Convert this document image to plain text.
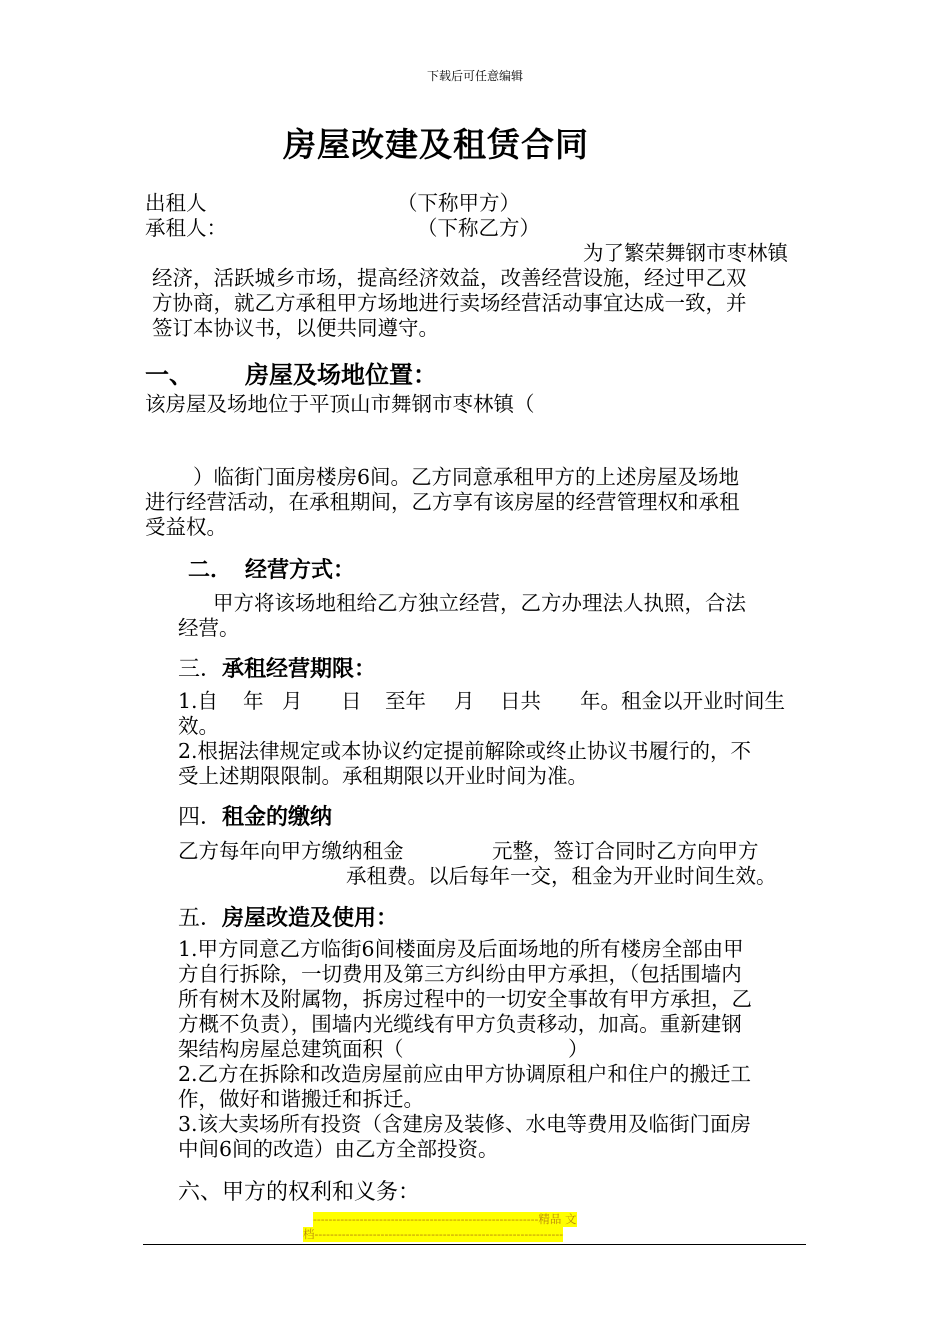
下载后可任意编辑
房屋改建及租赁合同
出租人	（下称甲方）
承租人：	（下称乙方）
为了繁荣舞钢市枣林镇
经济，活跃城乡市场，提高经济效益，改善经营设施，经过甲乙双
方协商，就乙方承租甲方场地进行卖场经营活动事宜达成一致，并
签订本协议书，以便共同遵守。
一、 房屋及场地位置：
该房屋及场地位于平顶山市舞钢市枣林镇（
）临街门面房楼房6间。乙方同意承租甲方的上述房屋及场地
进行经营活动，在承租期间，乙方享有该房屋的经营管理权和承租
受益权。
二． 经营方式：
甲方将该场地租给乙方独立经营，乙方办理法人执照，合法
经营。
三． 承租经营期限：
1.自 年 月 日 至年 月 日共 年。租金以开业时间生
效。
2.根据法律规定或本协议约定提前解除或终止协议书履行的，不
受上述期限限制。承租期限以开业时间为准。
四． 租金的缴纳
乙方每年向甲方缴纳租金	元整，签订合同时乙方向甲方
承租费。以后每年一交，租金为开业时间生效。
五． 房屋改造及使用：
1.甲方同意乙方临街6间楼面房及后面场地的所有楼房全部由甲
方自行拆除，一切费用及第三方纠纷由甲方承担，（包括围墙内
所有树木及附属物，拆房过程中的一切安全事故有甲方承担，乙
方概不负责），围墙内光缆线有甲方负责移动，加高。重新建钢
架结构房屋总建筑面积（	）
2.乙方在拆除和改造房屋前应由甲方协调原租户和住户的搬迁工
作，做好和谐搬迁和拆迁。
3.该大卖场所有投资（含建房及装修、水电等费用及临街门面房
中间6间的改造）由乙方全部投资。
六、甲方的权利和义务：
----------------------------------------------------------精品 文
档----------------------------------------------------------------
